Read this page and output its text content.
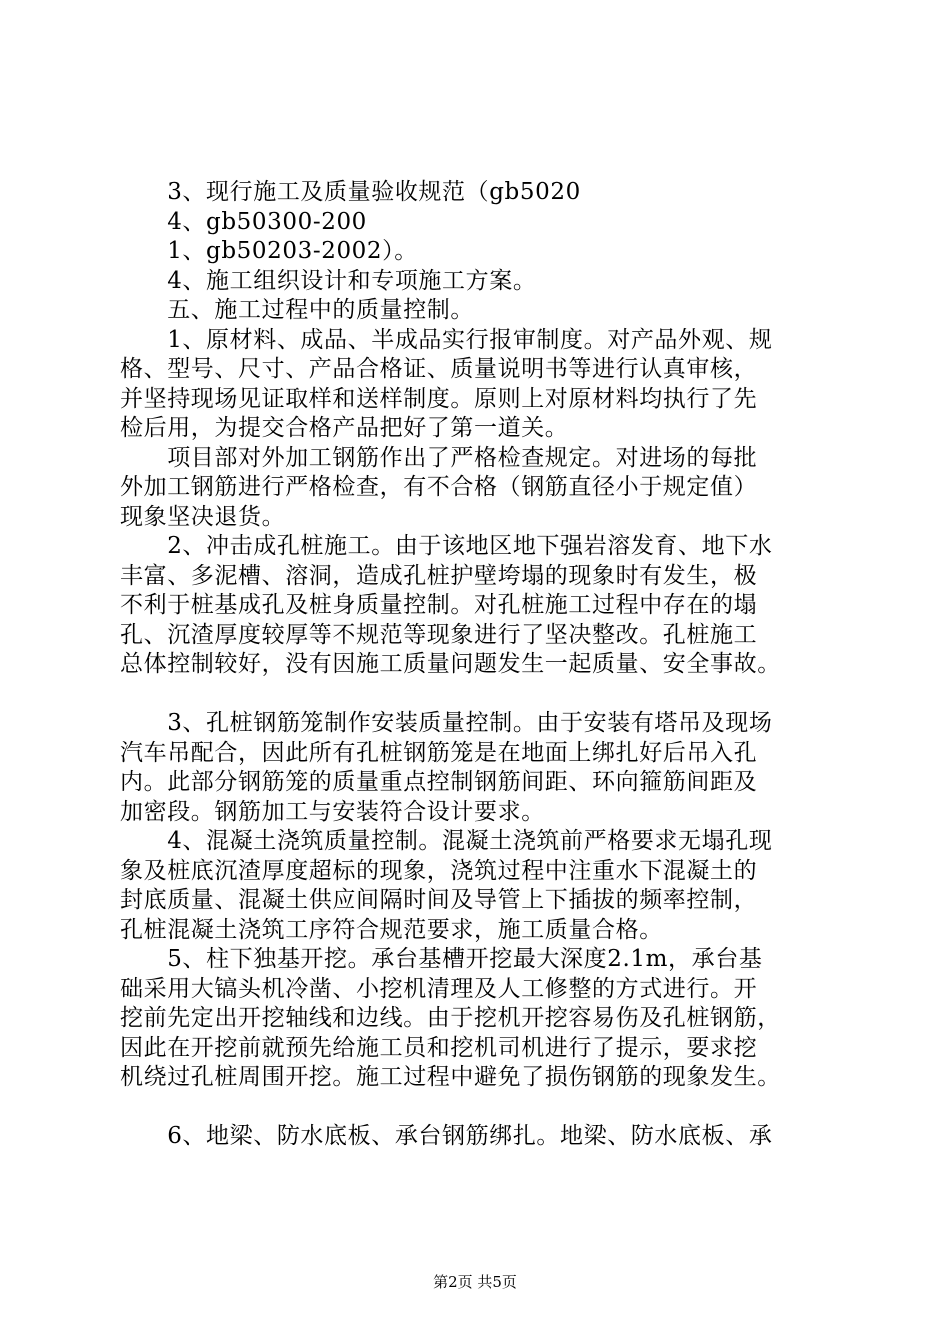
　　3、现行施工及质量验收规范（gb5020
　　4、gb50300-200
　　1、gb50203-2002）。
　　4、施工组织设计和专项施工方案。
　　五、施工过程中的质量控制。
　　1、原材料、成品、半成品实行报审制度。对产品外观、规
格、型号、尺寸、产品合格证、质量说明书等进行认真审核，
并坚持现场见证取样和送样制度。原则上对原材料均执行了先
检后用，为提交合格产品把好了第一道关。
　　项目部对外加工钢筋作出了严格检查规定。对进场的每批
外加工钢筋进行严格检查，有不合格（钢筋直径小于规定值）
现象坚决退货。
　　2、冲击成孔桩施工。由于该地区地下强岩溶发育、地下水
丰富、多泥槽、溶洞，造成孔桩护壁垮塌的现象时有发生，极
不利于桩基成孔及桩身质量控制。对孔桩施工过程中存在的塌
孔、沉渣厚度较厚等不规范等现象进行了坚决整改。孔桩施工
总体控制较好，没有因施工质量问题发生一起质量、安全事故。
　　3、孔桩钢筋笼制作安装质量控制。由于安装有塔吊及现场
汽车吊配合，因此所有孔桩钢筋笼是在地面上绑扎好后吊入孔
内。此部分钢筋笼的质量重点控制钢筋间距、环向箍筋间距及
加密段。钢筋加工与安装符合设计要求。
　　4、混凝土浇筑质量控制。混凝土浇筑前严格要求无塌孔现
象及桩底沉渣厚度超标的现象，浇筑过程中注重水下混凝土的
封底质量、混凝土供应间隔时间及导管上下插拔的频率控制，
孔桩混凝土浇筑工序符合规范要求，施工质量合格。
　　5、柱下独基开挖。承台基槽开挖最大深度2.1m，承台基
础采用大镐头机冷凿、小挖机清理及人工修整的方式进行。开
挖前先定出开挖轴线和边线。由于挖机开挖容易伤及孔桩钢筋，
因此在开挖前就预先给施工员和挖机司机进行了提示，要求挖
机绕过孔桩周围开挖。施工过程中避免了损伤钢筋的现象发生。
　　6、地梁、防水底板、承台钢筋绑扎。地梁、防水底板、承
第2页 共5页
